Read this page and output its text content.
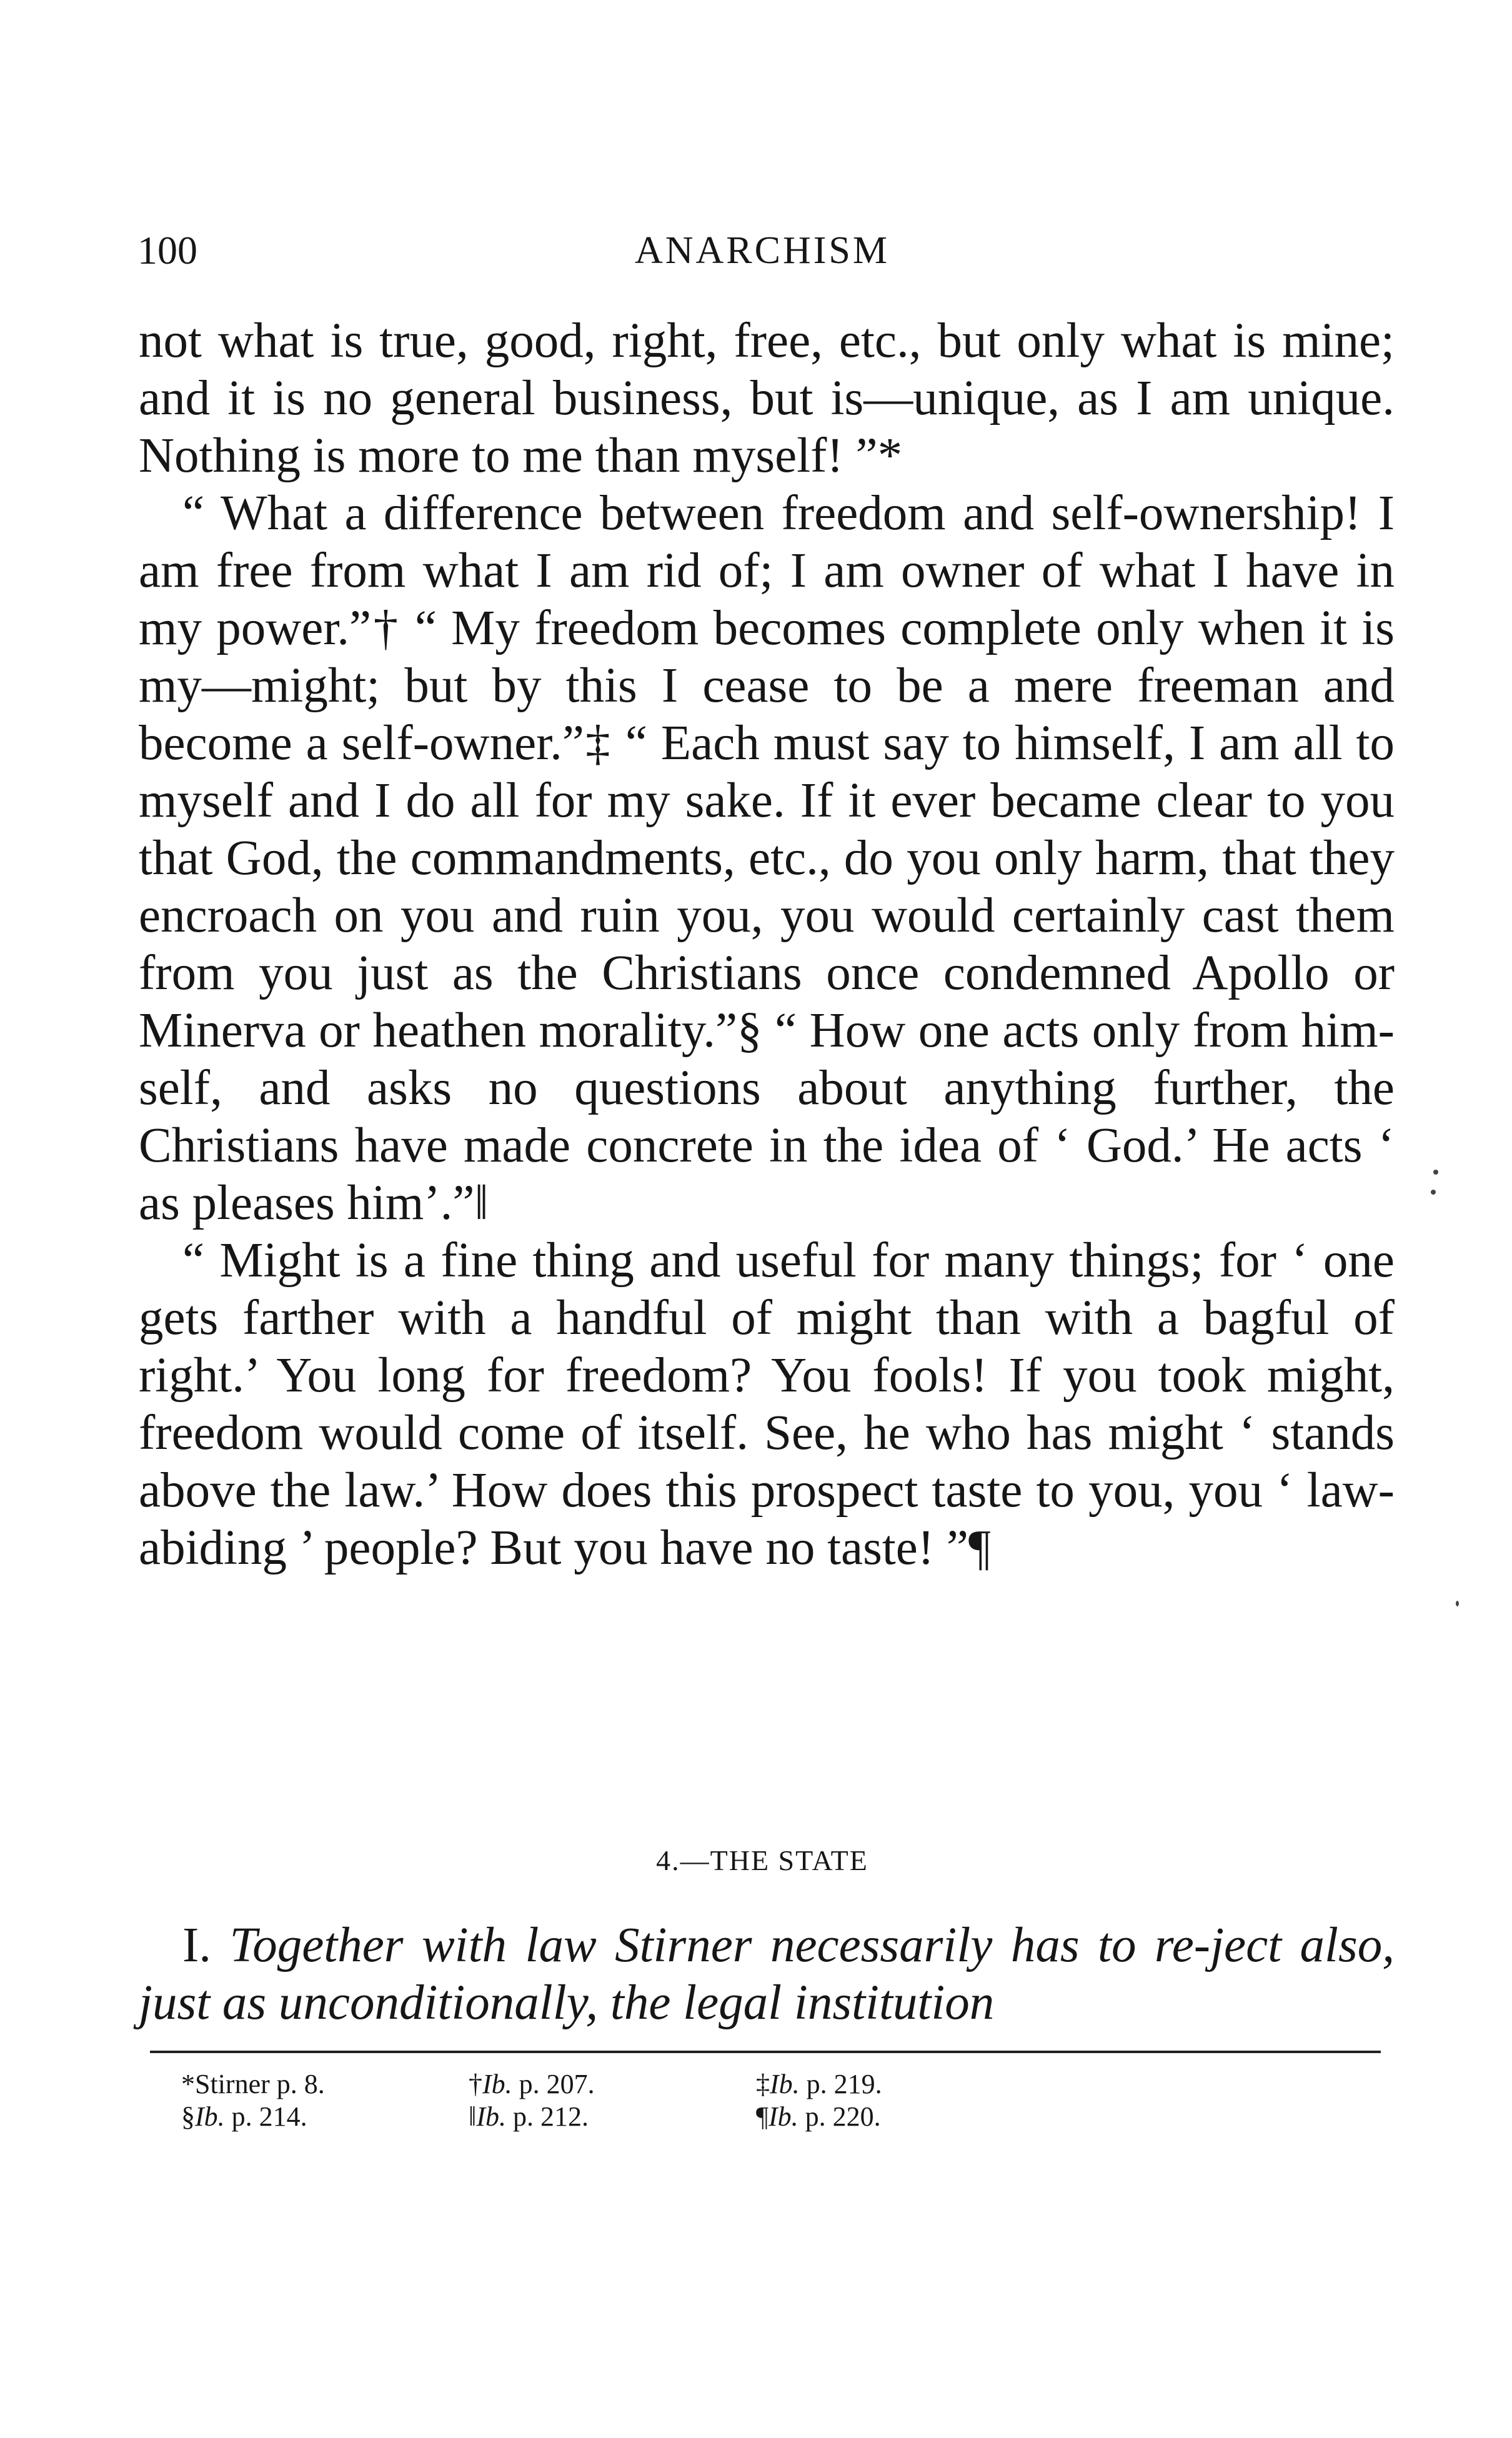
100	ANARCHISM

not what is true, good, right, free, etc., but only what is mine; and it is no general business, but is—unique, as I am unique. Nothing is more to me than myself! ”*

“ What a difference between freedom and self-ownership! I am free from what I am rid of; I am owner of what I have in my power.”† “ My freedom becomes complete only when it is my—might; but by this I cease to be a mere freeman and become a self-owner.”‡ “ Each must say to himself, I am all to myself and I do all for my sake. If it ever became clear to you that God, the commandments, etc., do you only harm, that they encroach on you and ruin you, you would certainly cast them from you just as the Christians once condemned Apollo or Minerva or heathen morality.”§ “ How one acts only from him-self, and asks no questions about anything further, the Christians have made concrete in the idea of ‘ God.’ He acts ‘ as pleases him’.”‖

“ Might is a fine thing and useful for many things; for ‘ one gets farther with a handful of might than with a bagful of right.’ You long for freedom? You fools! If you took might, freedom would come of itself. See, he who has might ‘ stands above the law.’ How does this prospect taste to you, you ‘ law-abiding ’ people? But you have no taste! ”¶

4.—THE STATE

I. Together with law Stirner necessarily has to re-ject also, just as unconditionally, the legal institution

*Stirner p. 8.	†Ib. p. 207.	‡Ib. p. 219.
§Ib. p. 214.	‖Ib. p. 212.	¶Ib. p. 220.
